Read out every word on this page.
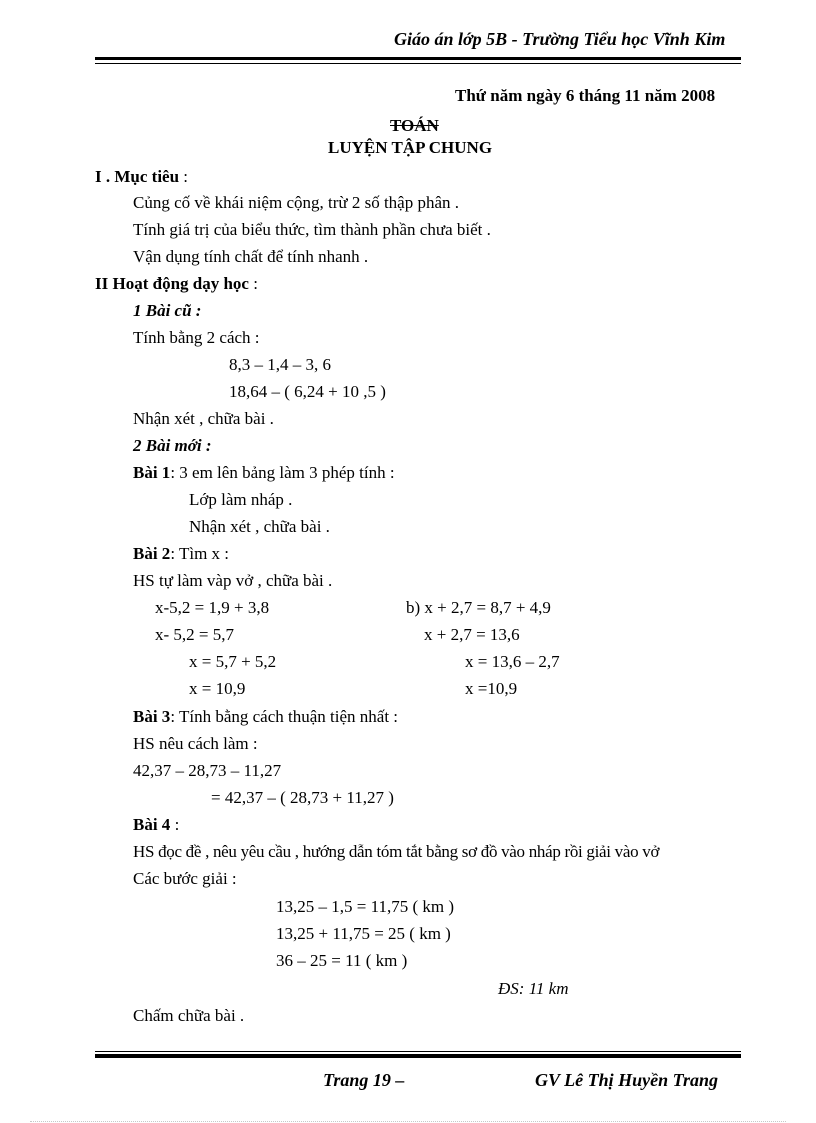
Giáo án lớp 5B - Trường Tiểu học Vĩnh Kim
Thứ năm ngày 6 tháng 11 năm 2008
TOÁN
LUYỆN TẬP CHUNG
I . Mục tiêu :
Củng cố về khái niệm cộng, trừ 2 số thập phân .
Tính giá trị của biểu thức, tìm thành phần chưa biết .
Vận dụng tính chất để tính nhanh .
II Hoạt động dạy học :
1 Bài cũ :
Tính bằng 2 cách :
8,3 – 1,4 – 3, 6
18,64 – ( 6,24 + 10 ,5 )
Nhận xét , chữa bài .
2 Bài mới :
Bài 1: 3 em lên bảng làm 3 phép tính :
Lớp làm nháp .
Nhận xét , chữa bài .
Bài 2: Tìm x :
HS tự làm vàp vở , chữa bài .
x-5,2 = 1,9 + 3,8
x- 5,2 = 5,7
x = 5,7 + 5,2
x = 10,9
b) x + 2,7 = 8,7 + 4,9
x + 2,7 = 13,6
x = 13,6 – 2,7
x =10,9
Bài 3: Tính bằng cách thuận tiện nhất :
HS nêu cách làm :
42,37 – 28,73 – 11,27
= 42,37 – ( 28,73 + 11,27 )
Bài 4 :
HS đọc đề , nêu yêu cầu , hướng dẫn tóm tắt bằng sơ đồ vào nháp rồi giải vào vở
Các bước giải :
13,25 – 1,5 = 11,75 ( km )
13,25 + 11,75 = 25 ( km )
36 – 25 = 11 ( km )
ĐS: 11 km
Chấm chữa bài .
Trang 19 –	GV Lê Thị Huyền Trang
